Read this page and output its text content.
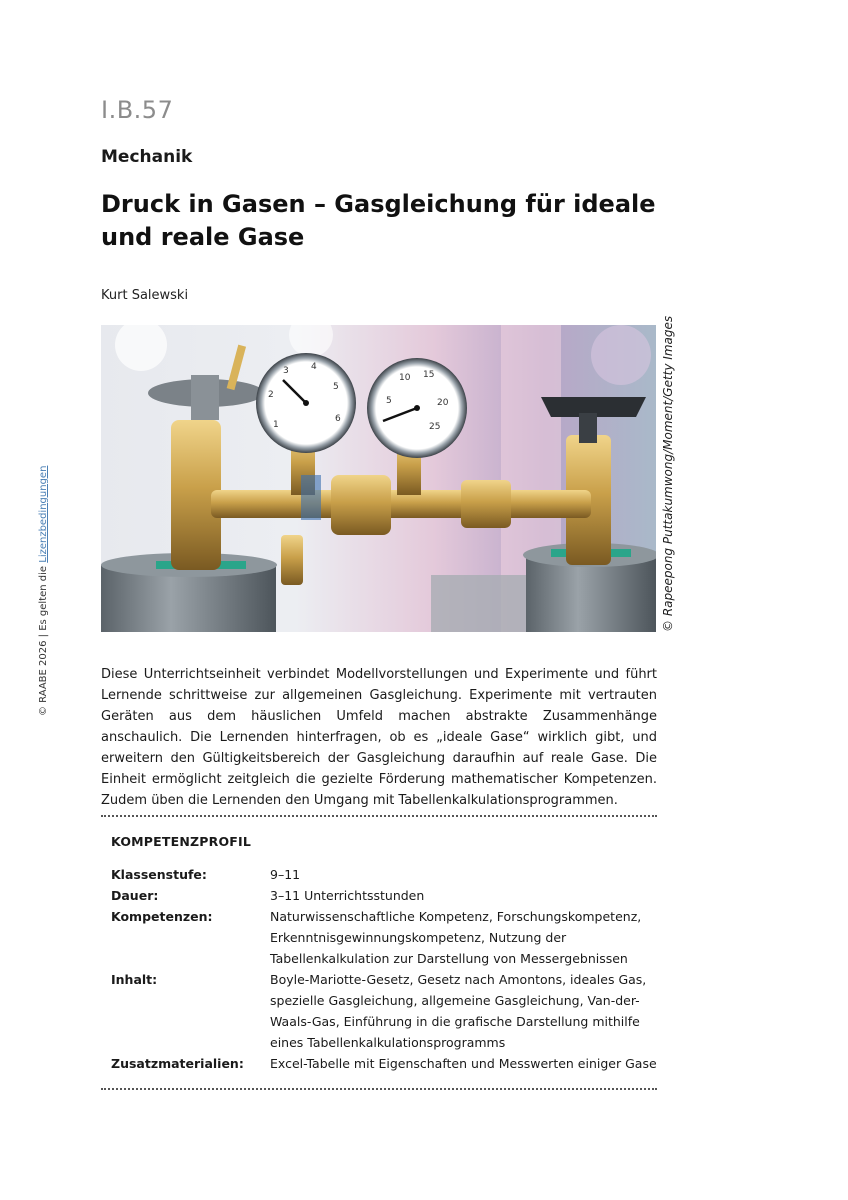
I.B.57
Mechanik
Druck in Gasen – Gasgleichung für ideale und reale Gase
Kurt Salewski
1
2
3 4
5
6
5
10 15
20
25	© Rapeepong Puttakumwong/Moment/Getty Images
© RAABE 2026 | Es gelten die Lizenzbedingungen

Diese Unterrichtseinheit verbindet Modellvorstellungen und Experimente und führt Lernende schrittweise zur allgemeinen Gasgleichung. Experimente mit vertrauten Geräten aus dem häuslichen Umfeld machen abstrakte Zusammenhänge anschaulich. Die Lernenden hinterfragen, ob es „ideale Gase“ wirklich gibt, und erweitern den Gültigkeitsbereich der Gasgleichung daraufhin auf reale Gase. Die Einheit ermöglicht zeitgleich die gezielte Förderung mathematischer Kompetenzen. Zudem üben die Lernenden den Umgang mit Tabellenkalkulationsprogrammen.

KOMPETENZPROFIL
Klassenstufe:	9–11
Dauer:	3–11 Unterrichtsstunden
Kompetenzen:	Naturwissenschaftliche Kompetenz, Forschungskompetenz, Erkenntnisgewinnungskompetenz, Nutzung der Tabellenkalkulation zur Darstellung von Messergebnissen
Inhalt:	Boyle-Mariotte-Gesetz, Gesetz nach Amontons, ideales Gas, spezielle Gasgleichung, allgemeine Gasgleichung, Van-der-Waals-Gas, Einführung in die grafische Darstellung mithilfe eines Tabellenkalkulationsprogramms
Zusatzmaterialien:	Excel-Tabelle mit Eigenschaften und Messwerten einiger Gase
